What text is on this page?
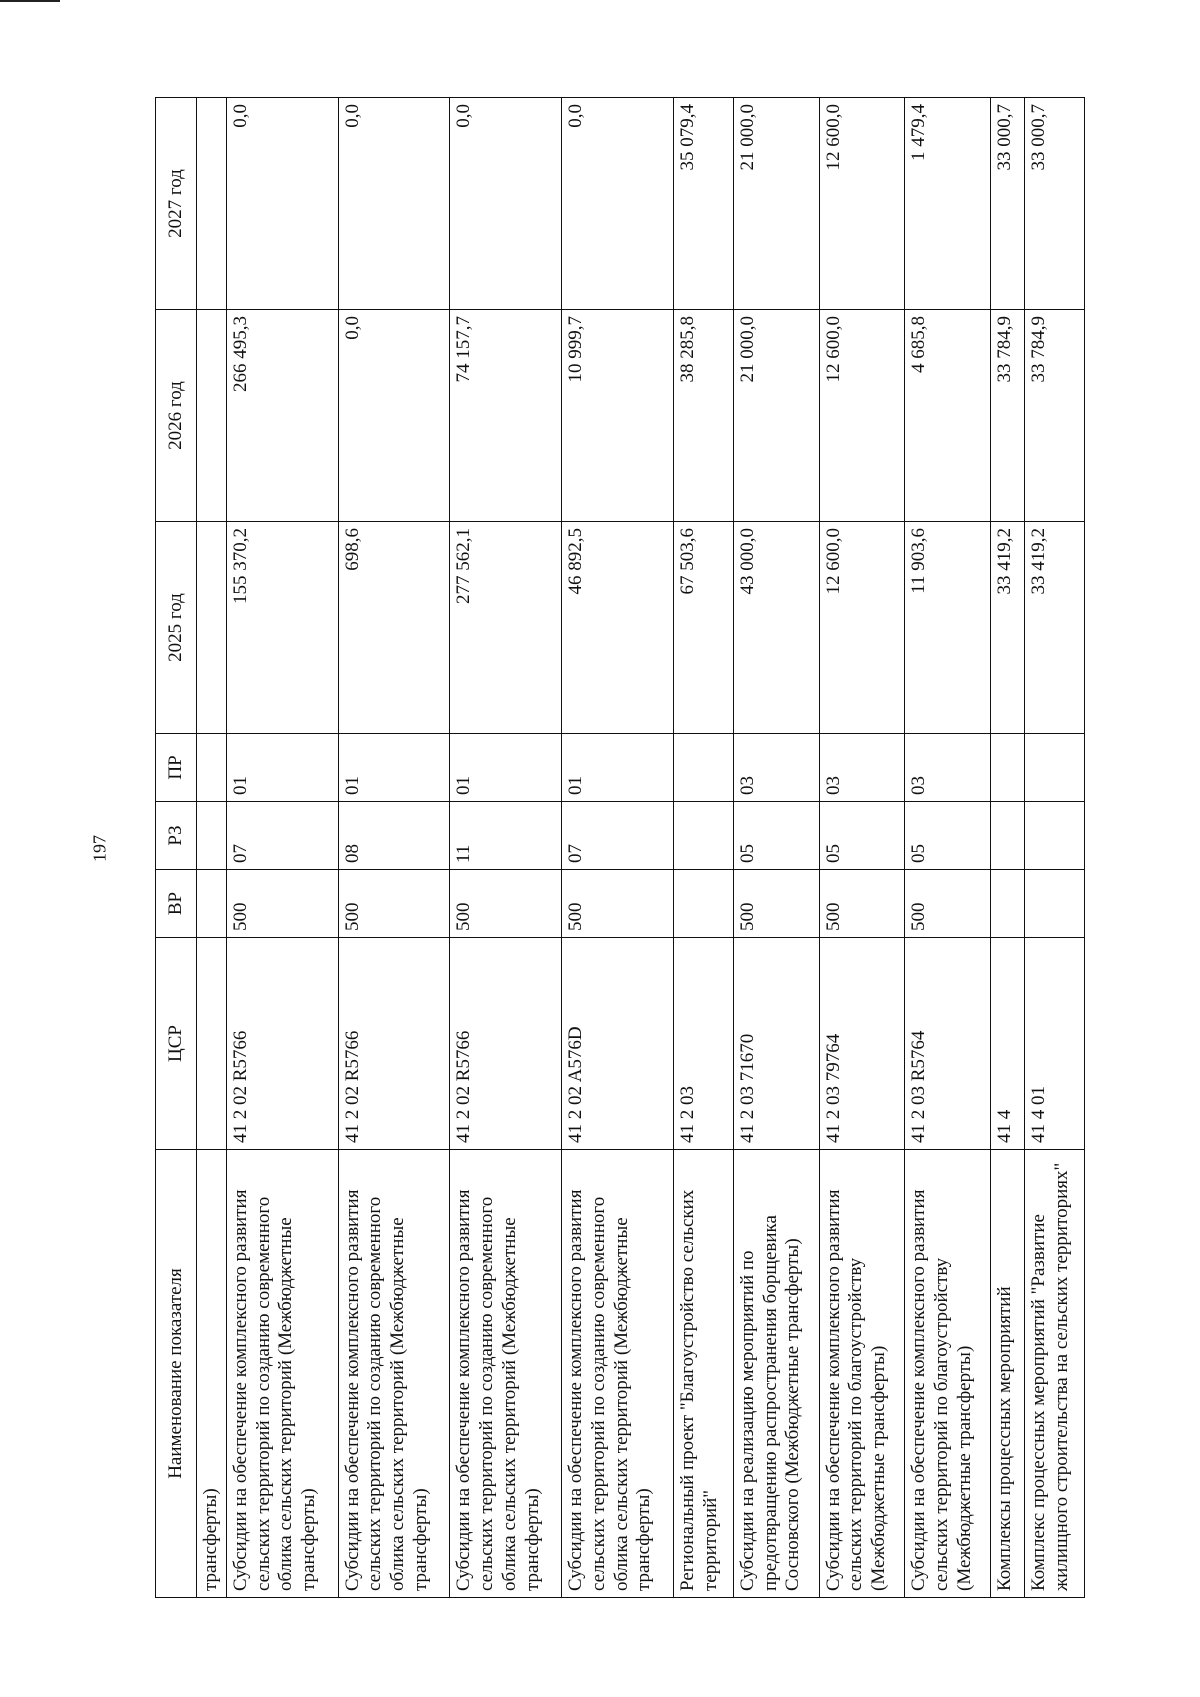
197
Наименование показателя	ЦСР	ВР	РЗ	ПР	2025 год	2026 год	2027 год
трансферты)							
Субсидии на обеспечение комплексного развития сельских территорий по созданию современного облика сельских территорий (Межбюджетные трансферты)	41 2 02 R5766	500	07	01	155 370,2	266 495,3	0,0
Субсидии на обеспечение комплексного развития сельских территорий по созданию современного облика сельских территорий (Межбюджетные трансферты)	41 2 02 R5766	500	08	01	698,6	0,0	0,0
Субсидии на обеспечение комплексного развития сельских территорий по созданию современного облика сельских территорий (Межбюджетные трансферты)	41 2 02 R5766	500	11	01	277 562,1	74 157,7	0,0
Субсидии на обеспечение комплексного развития сельских территорий по созданию современного облика сельских территорий (Межбюджетные трансферты)	41 2 02 A576D	500	07	01	46 892,5	10 999,7	0,0
Региональный проект "Благоустройство сельских территорий"	41 2 03				67 503,6	38 285,8	35 079,4
Субсидии на реализацию мероприятий по предотвращению распространения борщевика Сосновского (Межбюджетные трансферты)	41 2 03 71670	500	05	03	43 000,0	21 000,0	21 000,0
Субсидии на обеспечение комплексного развития сельских территорий по благоустройству (Межбюджетные трансферты)	41 2 03 79764	500	05	03	12 600,0	12 600,0	12 600,0
Субсидии на обеспечение комплексного развития сельских территорий по благоустройству (Межбюджетные трансферты)	41 2 03 R5764	500	05	03	11 903,6	4 685,8	1 479,4
Комплексы процессных мероприятий	41 4				33 419,2	33 784,9	33 000,7
Комплекс процессных мероприятий "Развитие жилищного строительства на сельских территориях"	41 4 01				33 419,2	33 784,9	33 000,7
